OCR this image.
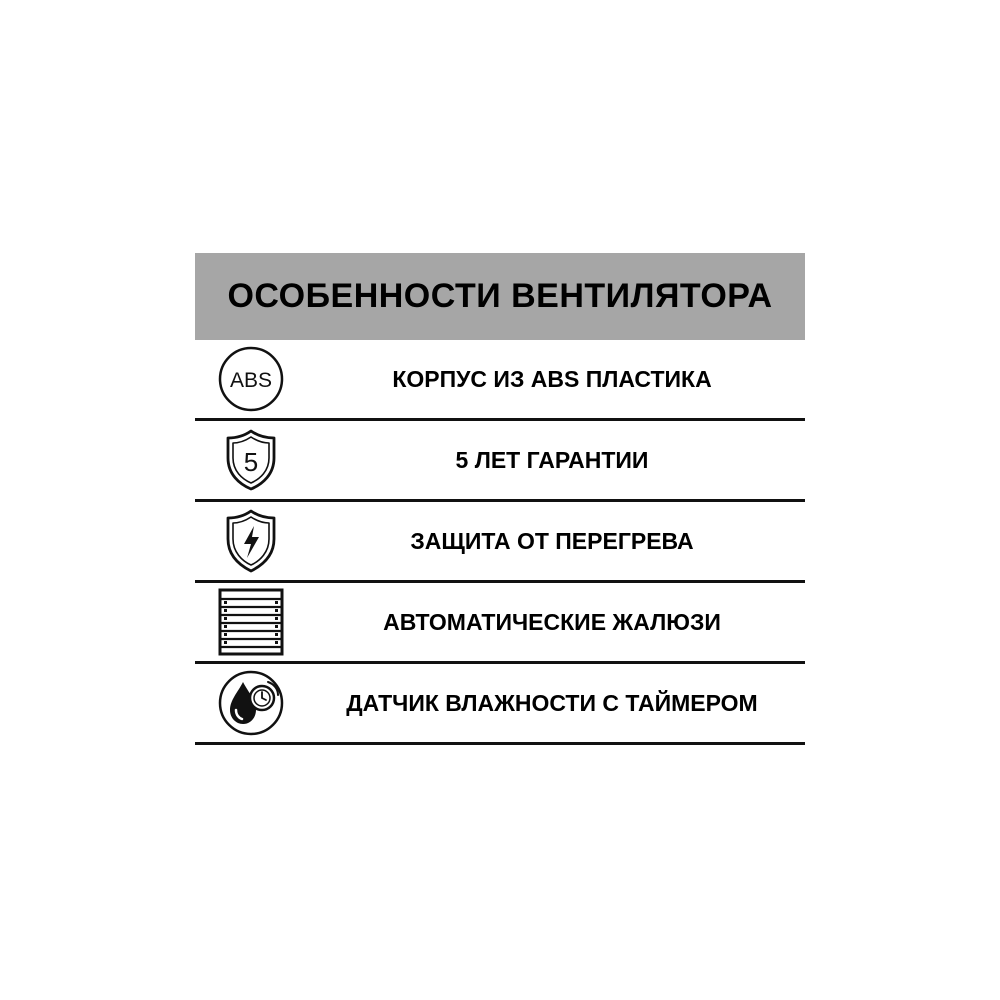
ОСОБЕННОСТИ ВЕНТИЛЯТОРА
ABS	КОРПУС ИЗ ABS ПЛАСТИКА
5	5 ЛЕТ ГАРАНТИИ
ЗАЩИТА ОТ ПЕРЕГРЕВА
АВТОМАТИЧЕСКИЕ ЖАЛЮЗИ
ДАТЧИК ВЛАЖНОСТИ С ТАЙМЕРОМ
